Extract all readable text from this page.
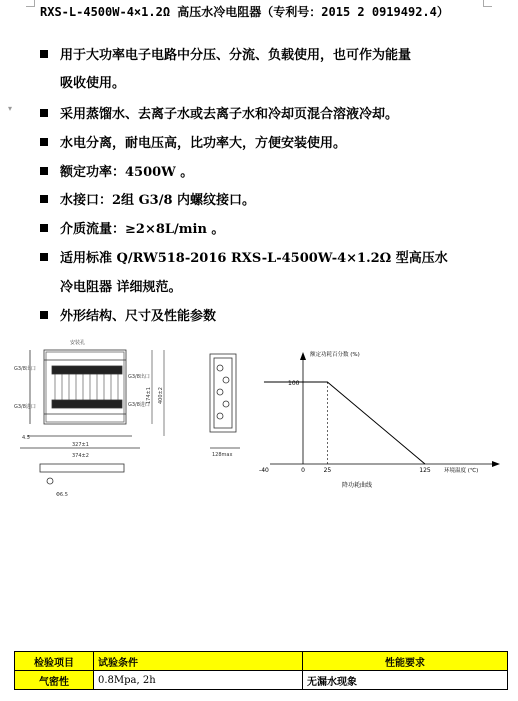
RXS-L-4500W-4×1.2Ω 高压水冷电阻器（专利号：2015 2 0919492.4）
用于大功率电子电路中分压、分流、负载使用，也可作为能量
吸收使用。
采用蒸馏水、去离子水或去离子水和冷却页混合溶液冷却。
水电分离，耐电压高，比功率大，方便安装使用。
额定功率：4500W 。
水接口：2组 G3/8 内螺纹接口。
介质流量：≥2×8L/min 。
适用标准 Q/RW518-2016 RXS-L-4500W-4×1.2Ω 型高压水
冷电阻器 详细规范。
外形结构、尺寸及性能参数
▾
安装孔
G3/8出口
G3/8进口
G3/8出口
G3/8进口
327±1
374±2
4.5
Φ6.5
174±1 400±2
128max
额定功耗百分数 (%)
100
-40	0	25	125 环境温度 (℃)
降功耗曲线
检验项目	试验条件	性能要求
气密性	0.8Mpa, 2h	无漏水现象
